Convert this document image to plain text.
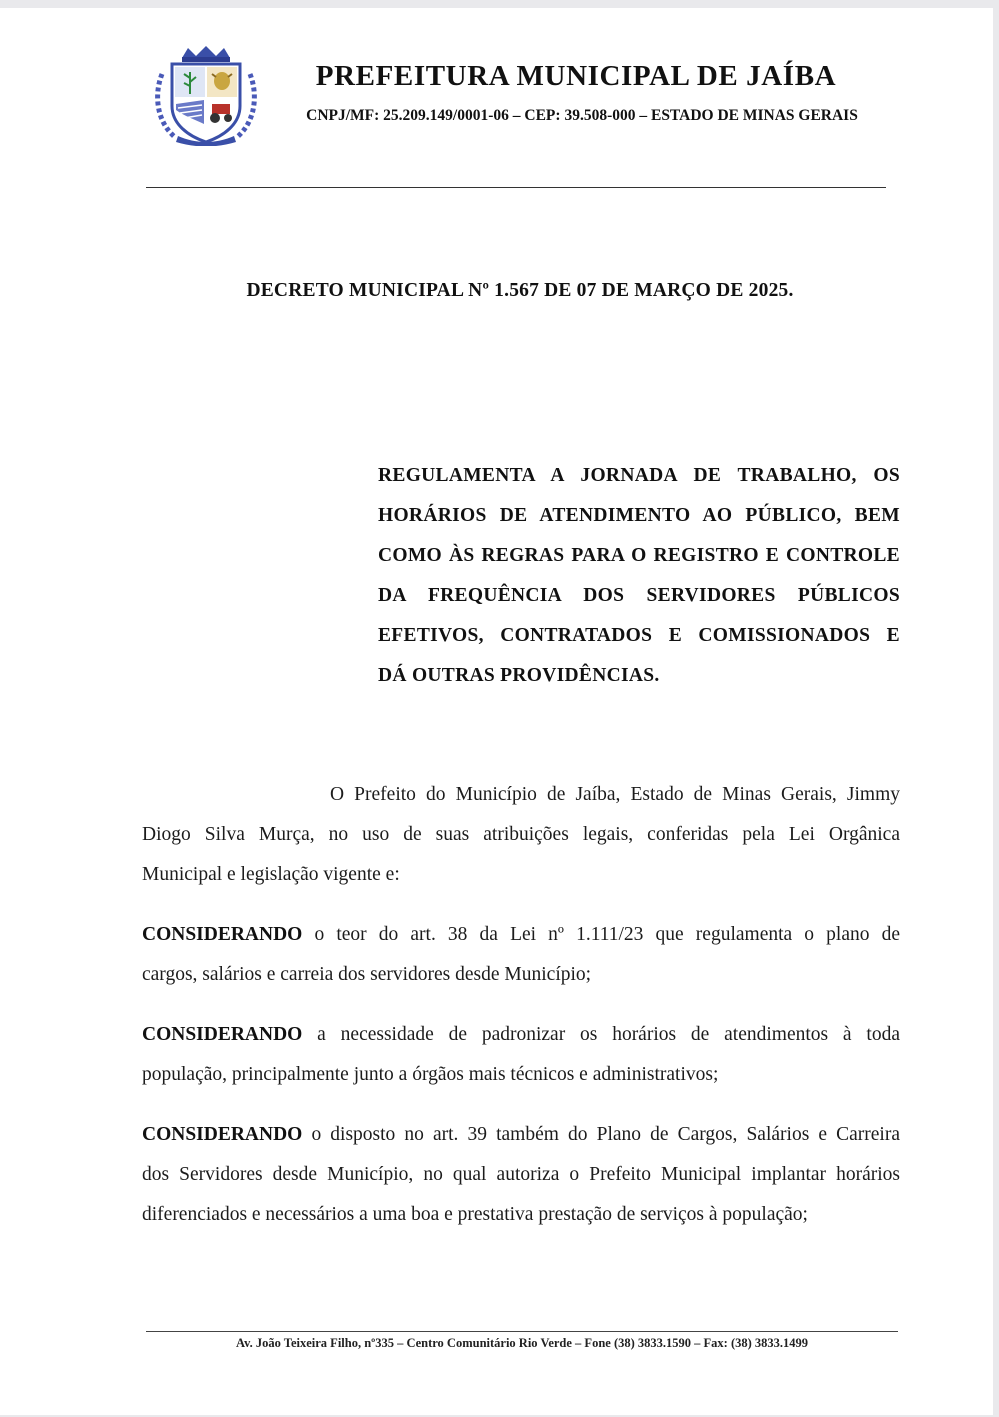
PREFEITURA MUNICIPAL DE JAÍBA
CNPJ/MF: 25.209.149/0001-06 – CEP: 39.508-000 – ESTADO DE MINAS GERAIS
DECRETO MUNICIPAL Nº 1.567 DE 07 DE MARÇO DE 2025.
REGULAMENTA A JORNADA DE TRABALHO, OS
HORÁRIOS DE ATENDIMENTO AO PÚBLICO, BEM
COMO ÀS REGRAS PARA O REGISTRO E CONTROLE
DA FREQUÊNCIA DOS SERVIDORES PÚBLICOS
EFETIVOS, CONTRATADOS E COMISSIONADOS E
DÁ OUTRAS PROVIDÊNCIAS.
O Prefeito do Município de Jaíba, Estado de Minas Gerais, Jimmy
Diogo Silva Murça, no uso de suas atribuições legais, conferidas pela Lei Orgânica
Municipal e legislação vigente e:
CONSIDERANDO o teor do art. 38 da Lei nº 1.111/23 que regulamenta o plano de
cargos, salários e carreia dos servidores desde Município;
CONSIDERANDO a necessidade de padronizar os horários de atendimentos à toda
população, principalmente junto a órgãos mais técnicos e administrativos;
CONSIDERANDO o disposto no art. 39 também do Plano de Cargos, Salários e Carreira
dos Servidores desde Município, no qual autoriza o Prefeito Municipal implantar horários
diferenciados e necessários a uma boa e prestativa prestação de serviços à população;
Av. João Teixeira Filho, nº335 – Centro Comunitário Rio Verde – Fone (38) 3833.1590 – Fax: (38) 3833.1499
